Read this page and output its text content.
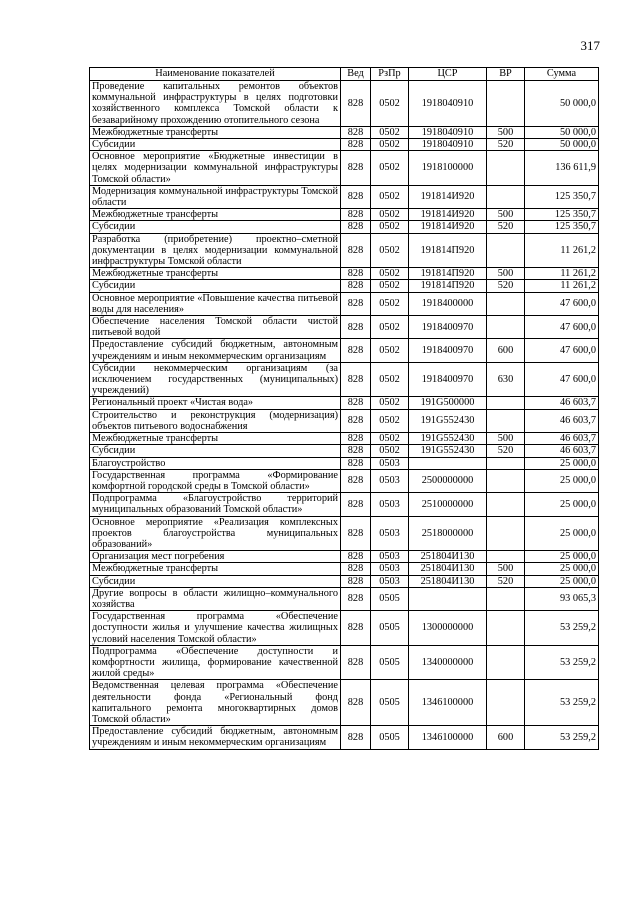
317
Наименование показателей	Вед	РзПр	ЦСР	ВР	Сумма
Проведение капитальных ремонтов объектов коммунальной инфраструктуры в целях подготовки хозяйственного комплекса Томской области к безаварийному прохождению отопительного сезона	828	0502	1918040910		50 000,0
Межбюджетные трансферты	828	0502	1918040910	500	50 000,0
Субсидии	828	0502	1918040910	520	50 000,0
Основное мероприятие «Бюджетные инвестиции в целях модернизации коммунальной инфраструктуры Томской области»	828	0502	1918100000		136 611,9
Модернизация коммунальной инфраструктуры Томской области	828	0502	191814И920		125 350,7
Межбюджетные трансферты	828	0502	191814И920	500	125 350,7
Субсидии	828	0502	191814И920	520	125 350,7
Разработка (приобретение) проектно–сметной документации в целях модернизации коммунальной инфраструктуры Томской области	828	0502	191814П920		11 261,2
Межбюджетные трансферты	828	0502	191814П920	500	11 261,2
Субсидии	828	0502	191814П920	520	11 261,2
Основное мероприятие «Повышение качества питьевой воды для населения»	828	0502	1918400000		47 600,0
Обеспечение населения Томской области чистой питьевой водой	828	0502	1918400970		47 600,0
Предоставление субсидий бюджетным, автономным учреждениям и иным некоммерческим организациям	828	0502	1918400970	600	47 600,0
Субсидии некоммерческим организациям (за исключением государственных (муниципальных) учреждений)	828	0502	1918400970	630	47 600,0
Региональный проект «Чистая вода»	828	0502	191G500000		46 603,7
Строительство и реконструкция (модернизация) объектов питьевого водоснабжения	828	0502	191G552430		46 603,7
Межбюджетные трансферты	828	0502	191G552430	500	46 603,7
Субсидии	828	0502	191G552430	520	46 603,7
Благоустройство	828	0503			25 000,0
Государственная программа «Формирование комфортной городской среды в Томской области»	828	0503	2500000000		25 000,0
Подпрограмма «Благоустройство территорий муниципальных образований Томской области»	828	0503	2510000000		25 000,0
Основное мероприятие «Реализация комплексных проектов благоустройства муниципальных образований»	828	0503	2518000000		25 000,0
Организация мест погребения	828	0503	251804И130		25 000,0
Межбюджетные трансферты	828	0503	251804И130	500	25 000,0
Субсидии	828	0503	251804И130	520	25 000,0
Другие вопросы в области жилищно–коммунального хозяйства	828	0505			93 065,3
Государственная программа «Обеспечение доступности жилья и улучшение качества жилищных условий населения Томской области»	828	0505	1300000000		53 259,2
Подпрограмма «Обеспечение доступности и комфортности жилища, формирование качественной жилой среды»	828	0505	1340000000		53 259,2
Ведомственная целевая программа «Обеспечение деятельности фонда «Региональный фонд капитального ремонта многоквартирных домов Томской области»	828	0505	1346100000		53 259,2
Предоставление субсидий бюджетным, автономным учреждениям и иным некоммерческим организациям	828	0505	1346100000	600	53 259,2
